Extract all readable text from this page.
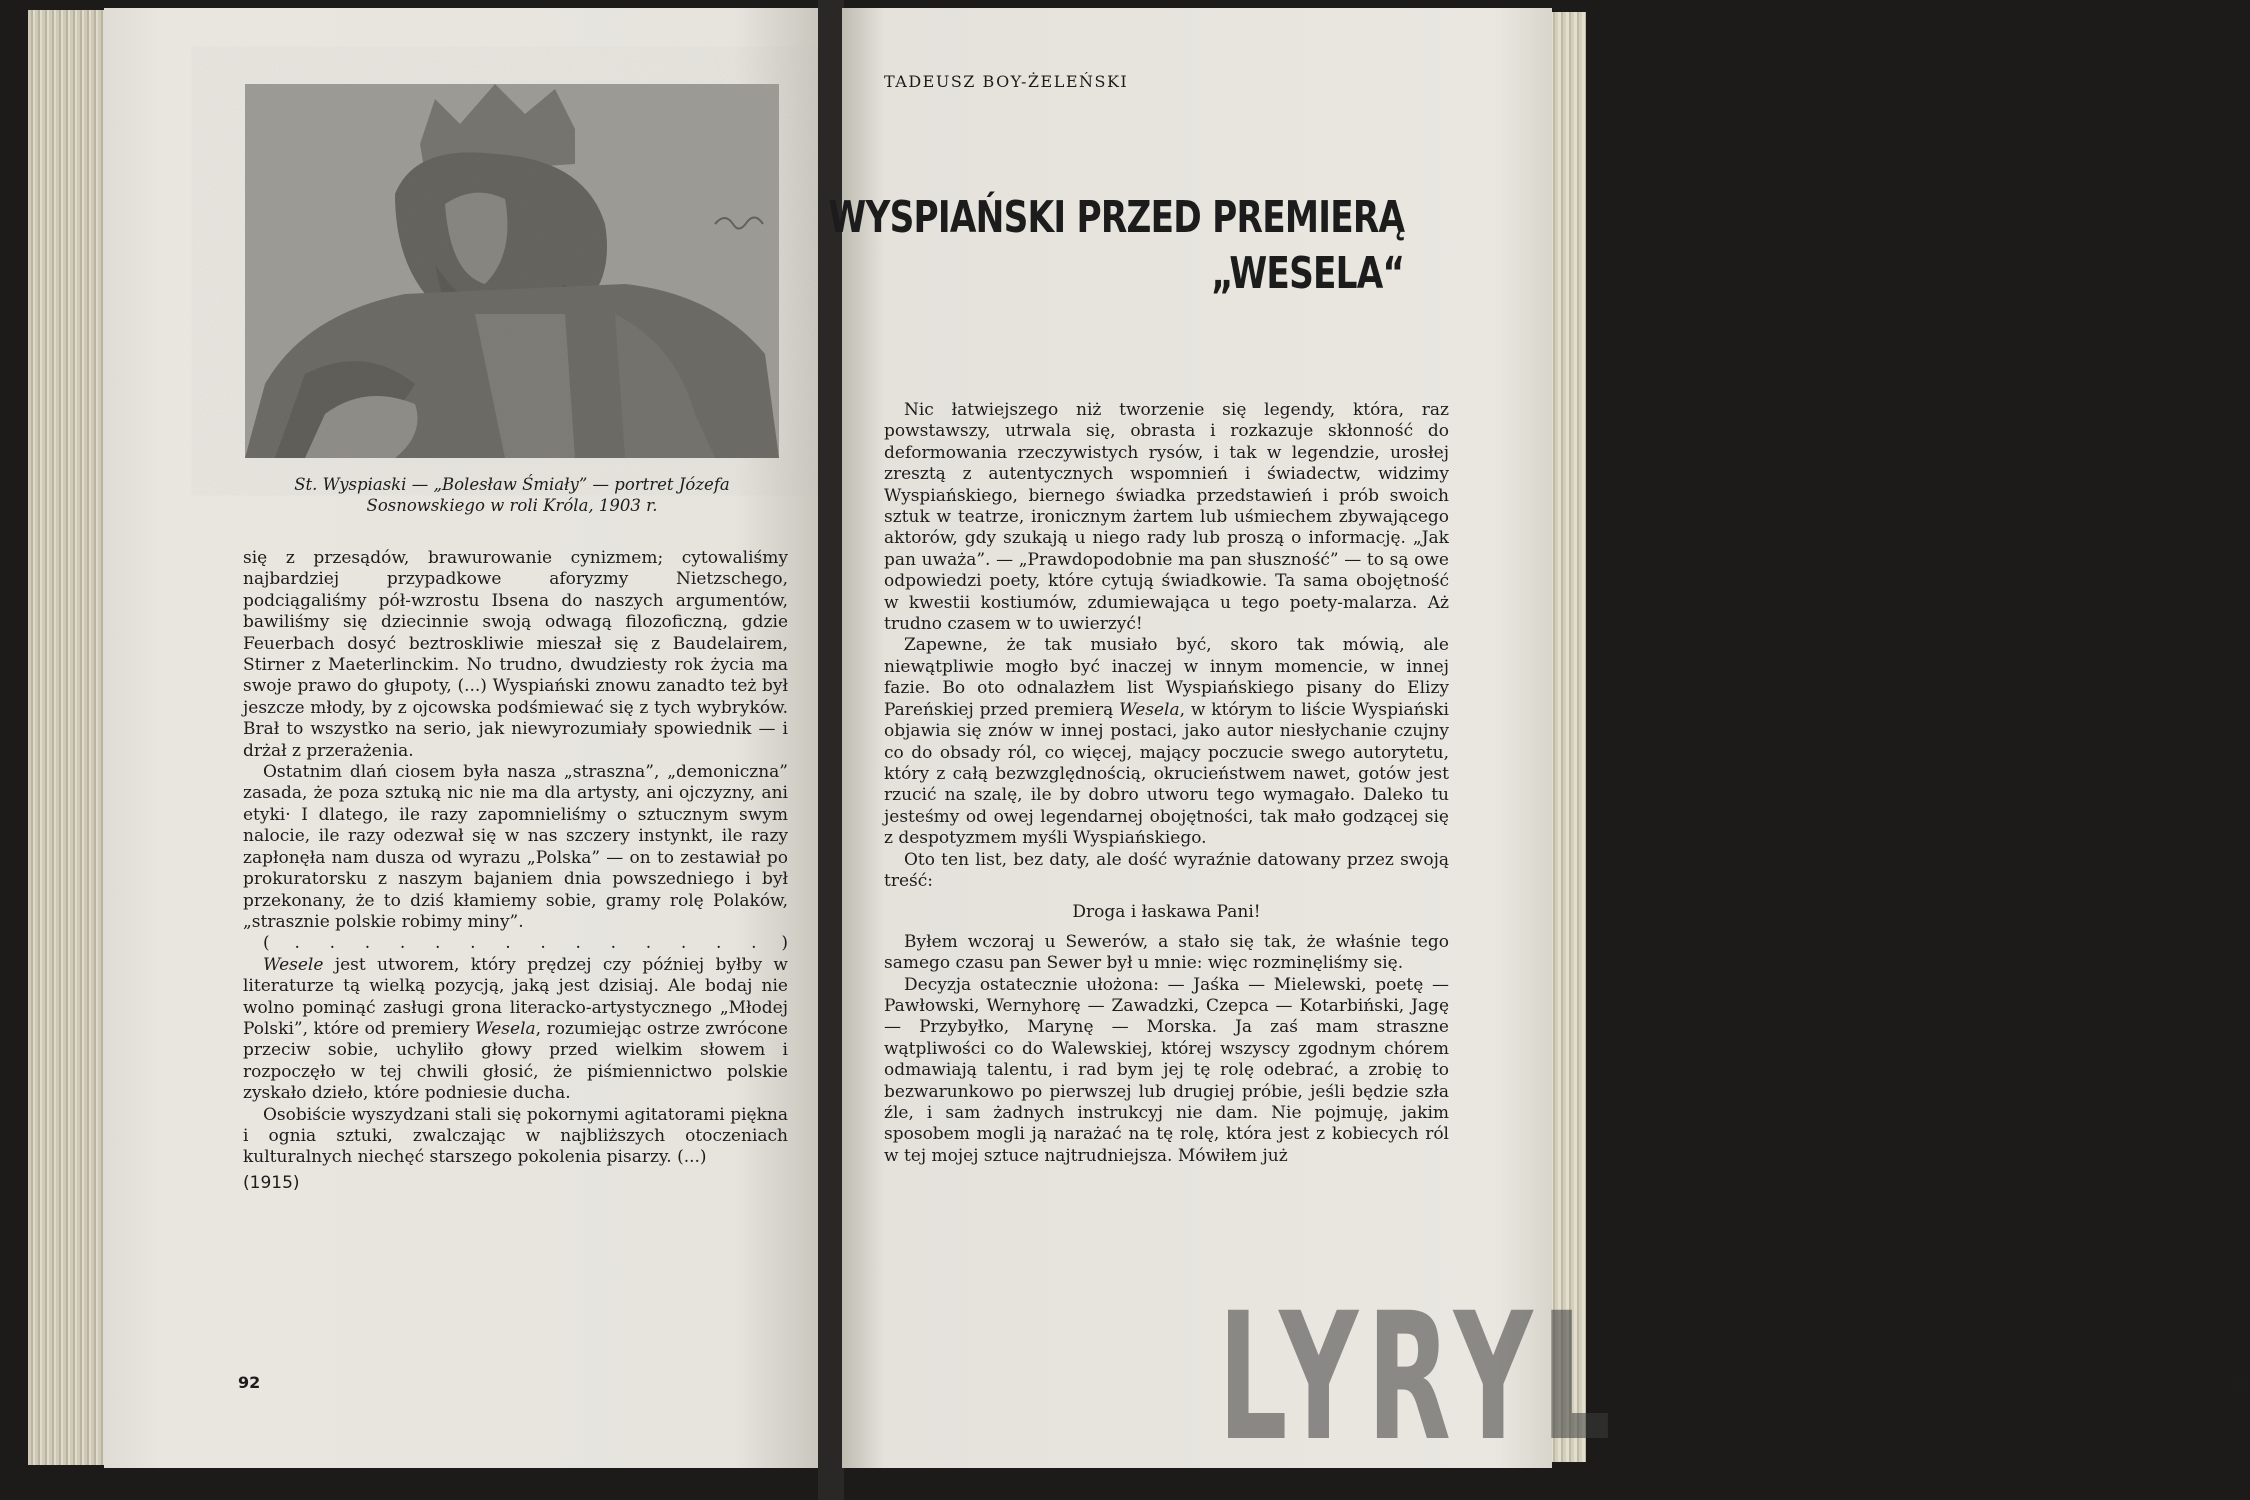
St. Wyspiaski — „Bolesław Śmiały” — portret Józefa
Sosnowskiego w roli Króla, 1903 r.

się z przesądów, brawurowanie cynizmem; cytowaliśmy najbardziej przypadkowe aforyzmy Nietzschego, podciągaliśmy pół-wzrostu Ibsena do naszych argumentów, bawiliśmy się dziecinnie swoją odwagą filozoficzną, gdzie Feuerbach dosyć beztroskliwie mieszał się z Baudelairem, Stirner z Maeterlinckim. No trudno, dwudziesty rok życia ma swoje prawo do głupoty, (...) Wyspiański znowu zanadto też był jeszcze młody, by z ojcowska podśmiewać się z tych wybryków. Brał to wszystko na serio, jak niewyrozumiały spowiednik — i drżał z przerażenia.

Ostatnim dlań ciosem była nasza „straszna”, „demoniczna” zasada, że poza sztuką nic nie ma dla artysty, ani ojczyzny, ani etyki· I dlatego, ile razy zapomnieliśmy o sztucznym swym nalocie, ile razy odezwał się w nas szczery instynkt, ile razy zapłonęła nam dusza od wyrazu „Polska” — on to zestawiał po prokuratorsku z naszym bajaniem dnia powszedniego i był przekonany, że to dziś kłamiemy sobie, gramy rolę Polaków, „strasznie polskie robimy miny”.

(	.	.	.	.	.	.	.	.	.	.	.	.	.	.	)

Wesele jest utworem, który prędzej czy później byłby w literaturze tą wielką pozycją, jaką jest dzisiaj. Ale bodaj nie wolno pominąć zasługi grona literacko-artystycznego „Młodej Polski”, które od premiery Wesela, rozumiejąc ostrze zwrócone przeciw sobie, uchyliło głowy przed wielkim słowem i rozpoczęło w tej chwili głosić, że piśmiennictwo polskie zyskało dzieło, które podniesie ducha.

Osobiście wyszydzani stali się pokornymi agitatorami piękna i ognia sztuki, zwalczając w najbliższych otoczeniach kulturalnych niechęć starszego pokolenia pisarzy. (...)

(1915)

92
TADEUSZ BOY-ŻELEŃSKI
WYSPIAŃSKI PRZED PREMIERĄ
„WESELA“

Nic łatwiejszego niż tworzenie się legendy, która, raz powstawszy, utrwala się, obrasta i rozkazuje skłonność do deformowania rzeczywistych rysów, i tak w legendzie, urosłej zresztą z autentycznych wspomnień i świadectw, widzimy Wyspiańskiego, biernego świadka przedstawień i prób swoich sztuk w teatrze, ironicznym żartem lub uśmiechem zbywającego aktorów, gdy szukają u niego rady lub proszą o informację. „Jak pan uważa”. — „Prawdopodobnie ma pan słuszność” — to są owe odpowiedzi poety, które cytują świadkowie. Ta sama obojętność w kwestii kostiumów, zdumiewająca u tego poety-malarza. Aż trudno czasem w to uwierzyć!

Zapewne, że tak musiało być, skoro tak mówią, ale niewątpliwie mogło być inaczej w innym momencie, w innej fazie. Bo oto odnalazłem list Wyspiańskiego pisany do Elizy Pareńskiej przed premierą Wesela, w którym to liście Wyspiański objawia się znów w innej postaci, jako autor niesłychanie czujny co do obsady ról, co więcej, mający poczucie swego autorytetu, który z całą bezwzględnością, okrucieństwem nawet, gotów jest rzucić na szalę, ile by dobro utworu tego wymagało. Daleko tu jesteśmy od owej legendarnej obojętności, tak mało godzącej się z despotyzmem myśli Wyspiańskiego.

Oto ten list, bez daty, ale dość wyraźnie datowany przez swoją treść:

Droga i łaskawa Pani!

Byłem wczoraj u Sewerów, a stało się tak, że właśnie tego samego czasu pan Sewer był u mnie: więc rozminęliśmy się.

Decyzja ostatecznie ułożona: — Jaśka — Mielewski, poetę — Pawłowski, Wernyhorę — Zawadzki, Czepca — Kotarbiński, Jagę — Przybyłko, Marynę — Morska. Ja zaś mam straszne wątpliwości co do Walewskiej, której wszyscy zgodnym chórem odmawiają talentu, i rad bym jej tę rolę odebrać, a zrobię to bezwarunkowo po pierwszej lub drugiej próbie, jeśli będzie szła źle, i sam żadnych instrukcyj nie dam. Nie pojmuję, jakim sposobem mogli ją narażać na tę rolę, która jest z kobiecych ról w tej mojej sztuce najtrudniejsza. Mówiłem już

93
LYRYL
